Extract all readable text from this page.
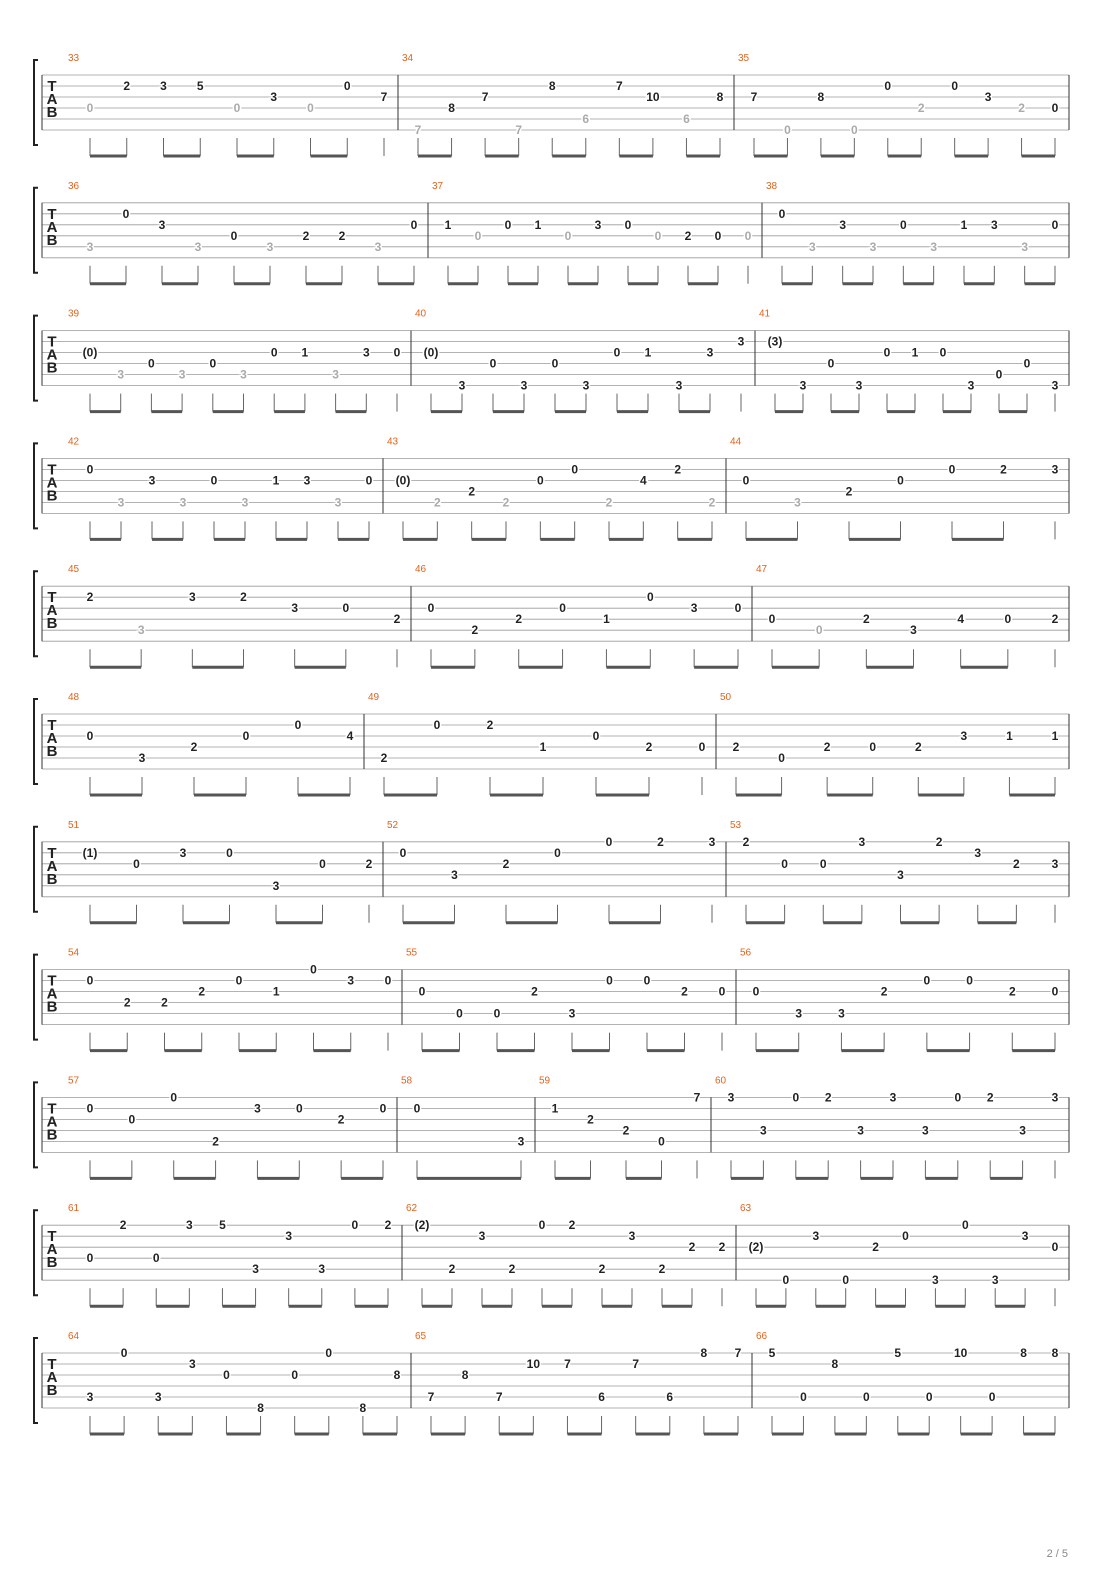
T
A
B
33
0
2	3	5
0
3
0
0
7
34
7
8
7
7
8
6
7
10
6
8
35
7
0
8
0
0
2
0
3
2 0
T
A
B
36
3
0
3
3
0
3
2 2
3
0
37
1
0
0 1
0
3 0
0 2 0 0
38
0
3
3
3
0
3
1 3
3
0
T
A
B
39
(0)
3
0
3
0
3
0 1
3
3 0
40
(0)
3
0
3
0
3
0 1
3
3
3
41
(3)
3
0
3
0 1 0
3
0
0
3
T
A
B
42
0
3
3
3
0
3
1 3
3
0
43
(0)
2
2
2
0
0
2
4
2
2
44
0
3
2
0
0	2	3
T
A
B
45
2
3
3	2
3	0
2
46
0
2
2
0
1
0
3	0
47
0
0
2
3
4	0	2
T
A
B
48
0
3
2
0
0
4
49
2
0	2
1
0
2	0
50
2
0
2	0	2
3	1	1
T
A
B
51
(1)
0
3	0
3
0	2
52
0
3
2
0
0	2	3
53
2
0	0
3
3
2
3
2	3
T
A
B
54
0
2	2
2
0
1
0
3	0
55
0
0	0
2
3
0	0
2	0
56
0
3	3
2
0	0
2	0
T
A
B
57
0
0
0
2
3	0
2
0
58
0
3
59
1
2
2
0
7
60
3
3
0 2
3
3
3
0 2
3
3
T
A
B
61
0
2
0
3 5
3
3
3
0 2
62
(2)
2
3
2
0 2
2
3
2
2 2
63
(2)
0
3
0
2
0
3
0
3
3
0
T
A
B
64
3
0
3
3
0
8
0
0
8
8
65
7
8
7
10 7
6
7
6
8 7
66
5
0
8
0
5
0
10
0
8 8
2 / 5
